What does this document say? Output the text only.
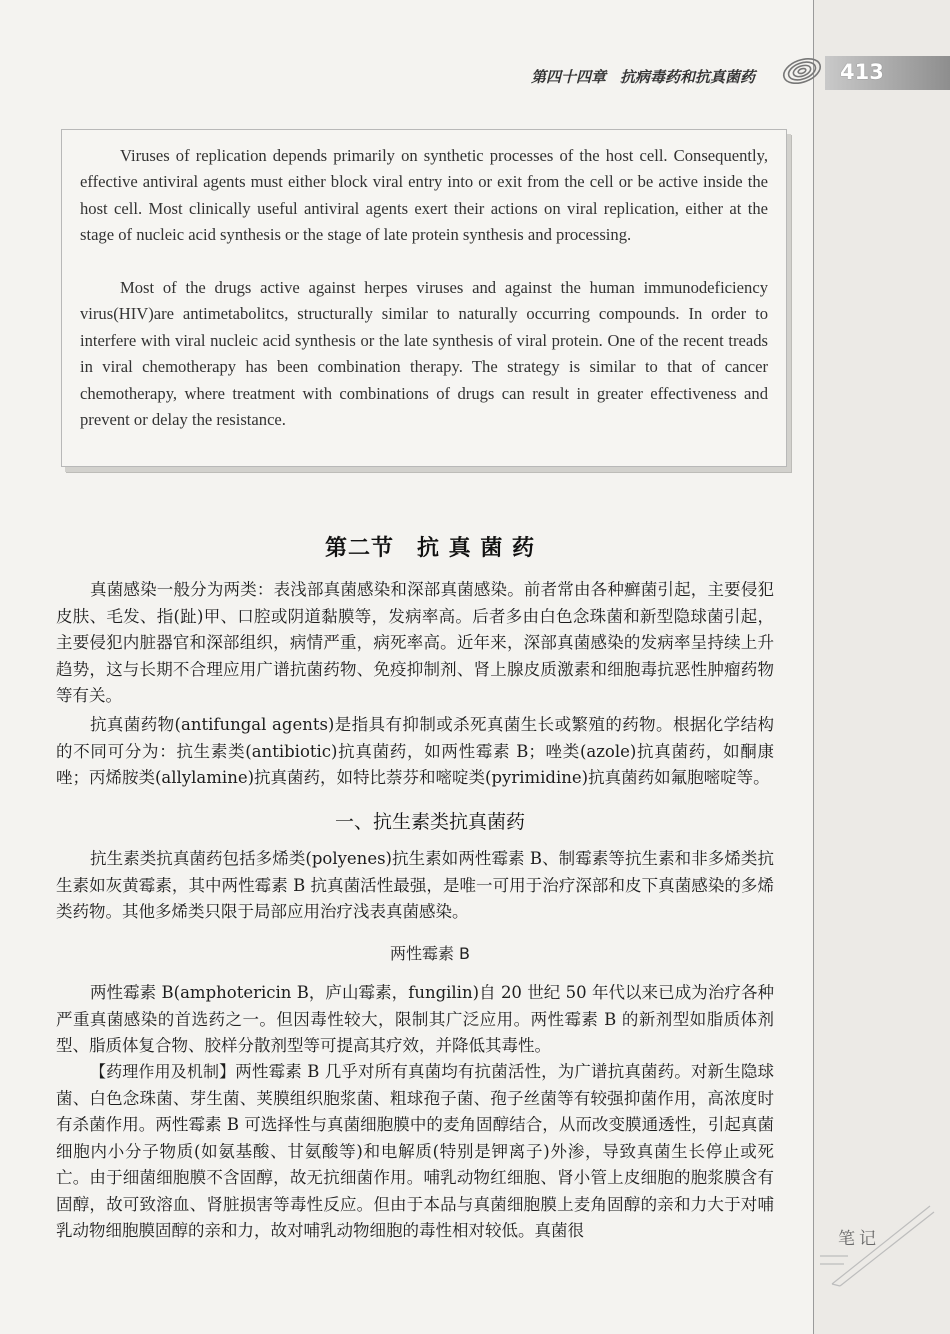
第四十四章 抗病毒药和抗真菌药	413

Viruses of replication depends primarily on synthetic processes of the host cell. Consequently, effective antiviral agents must either block viral entry into or exit from the cell or be active inside the host cell. Most clinically useful antiviral agents exert their actions on viral replication, either at the stage of nucleic acid synthesis or the stage of late protein synthesis and processing.

Most of the drugs active against herpes viruses and against the human immunodeficiency virus(HIV)are antimetabolitcs, structurally similar to naturally occurring compounds. In order to interfere with viral nucleic acid synthesis or the late synthesis of viral protein. One of the recent treads in viral chemotherapy has been combination therapy. The strategy is similar to that of cancer chemotherapy, where treatment with combinations of drugs can result in greater effectiveness and prevent or delay the resistance.

第二节　抗 真 菌 药

真菌感染一般分为两类：表浅部真菌感染和深部真菌感染。前者常由各种癣菌引起，主要侵犯皮肤、毛发、指(趾)甲、口腔或阴道黏膜等，发病率高。后者多由白色念珠菌和新型隐球菌引起，主要侵犯内脏器官和深部组织，病情严重，病死率高。近年来，深部真菌感染的发病率呈持续上升趋势，这与长期不合理应用广谱抗菌药物、免疫抑制剂、肾上腺皮质激素和细胞毒抗恶性肿瘤药物等有关。

抗真菌药物(antifungal agents)是指具有抑制或杀死真菌生长或繁殖的药物。根据化学结构的不同可分为：抗生素类(antibiotic)抗真菌药，如两性霉素 B；唑类(azole)抗真菌药，如酮康唑；丙烯胺类(allylamine)抗真菌药，如特比萘芬和嘧啶类(pyrimidine)抗真菌药如氟胞嘧啶等。

一、抗生素类抗真菌药

抗生素类抗真菌药包括多烯类(polyenes)抗生素如两性霉素 B、制霉素等抗生素和非多烯类抗生素如灰黄霉素，其中两性霉素 B 抗真菌活性最强，是唯一可用于治疗深部和皮下真菌感染的多烯类药物。其他多烯类只限于局部应用治疗浅表真菌感染。

两性霉素 B

两性霉素 B(amphotericin B，庐山霉素，fungilin)自 20 世纪 50 年代以来已成为治疗各种严重真菌感染的首选药之一。但因毒性较大，限制其广泛应用。两性霉素 B 的新剂型如脂质体剂型、脂质体复合物、胶样分散剂型等可提高其疗效，并降低其毒性。

【药理作用及机制】两性霉素 B 几乎对所有真菌均有抗菌活性，为广谱抗真菌药。对新生隐球菌、白色念珠菌、芽生菌、荚膜组织胞浆菌、粗球孢子菌、孢子丝菌等有较强抑菌作用，高浓度时有杀菌作用。两性霉素 B 可选择性与真菌细胞膜中的麦角固醇结合，从而改变膜通透性，引起真菌细胞内小分子物质(如氨基酸、甘氨酸等)和电解质(特别是钾离子)外渗，导致真菌生长停止或死亡。由于细菌细胞膜不含固醇，故无抗细菌作用。哺乳动物红细胞、肾小管上皮细胞的胞浆膜含有固醇，故可致溶血、肾脏损害等毒性反应。但由于本品与真菌细胞膜上麦角固醇的亲和力大于对哺乳动物细胞膜固醇的亲和力，故对哺乳动物细胞的毒性相对较低。真菌很	笔记
